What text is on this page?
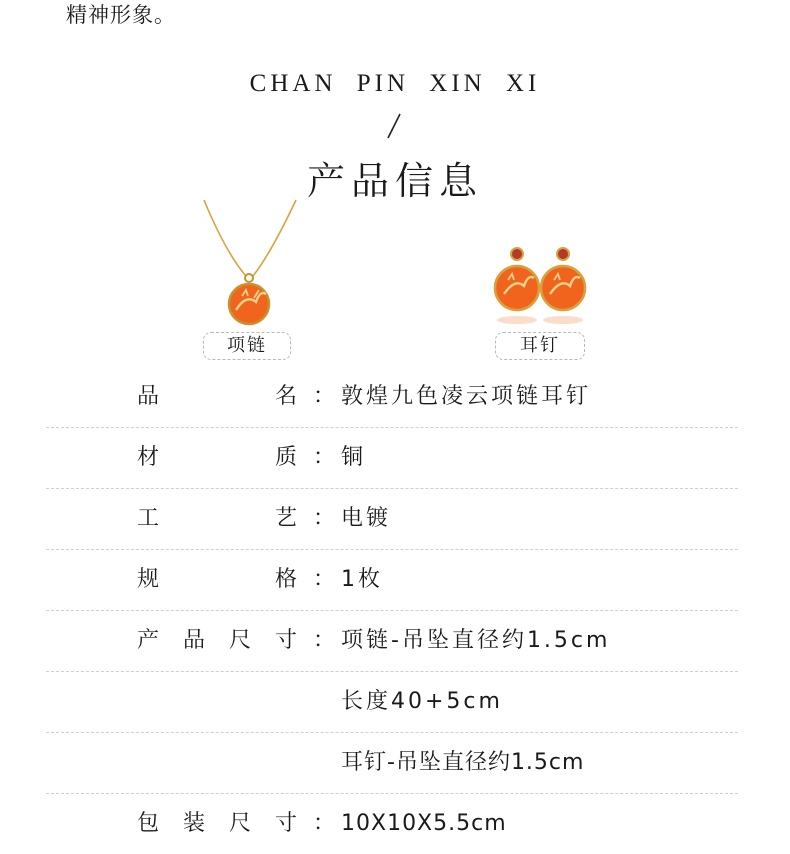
精神形象。
CHAN PIN XIN XI
产品信息
项链	耳钉
品	名 ： 敦煌九色凌云项链耳钉
材	质 ： 铜
工	艺 ： 电镀
规	格 ： 1枚
产品尺寸 ： 项链-吊坠直径约1.5cm
长度40+5cm
耳钉-吊坠直径约1.5cm
包装尺寸 ： 10X10X5.5cm
